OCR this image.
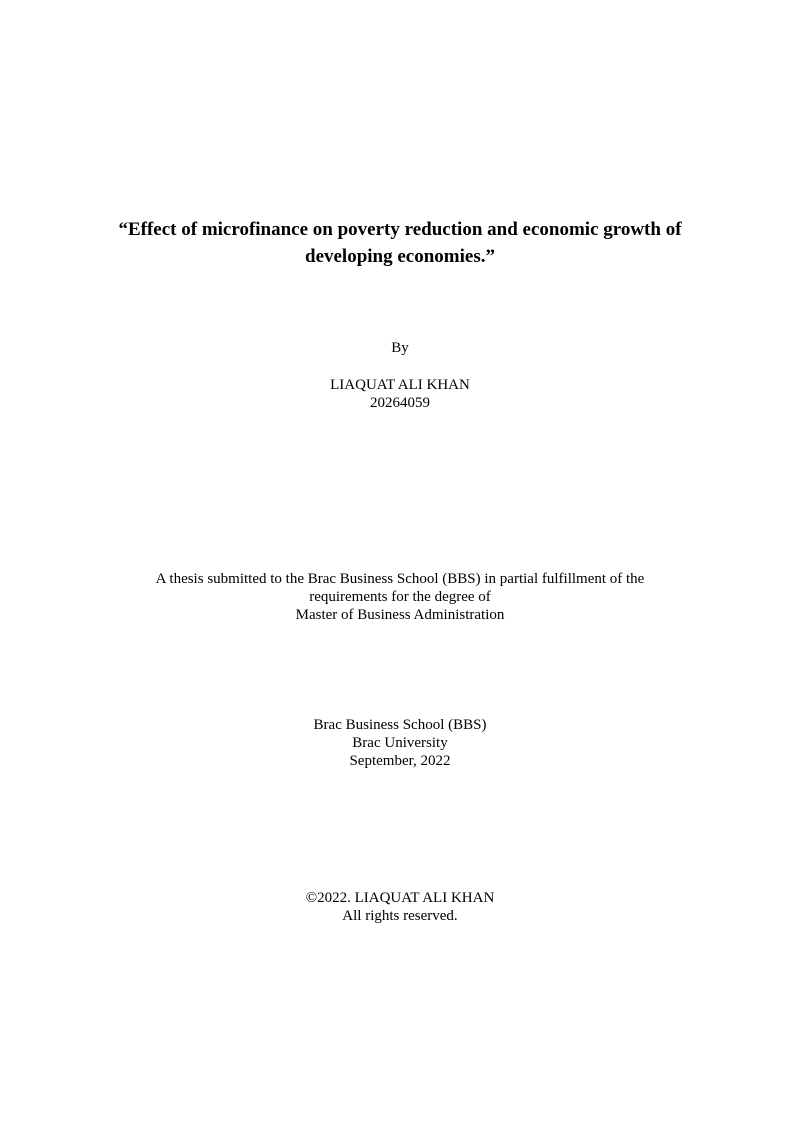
“Effect of microfinance on poverty reduction and economic growth of
developing economies.”
By
LIAQUAT ALI KHAN
20264059
A thesis submitted to the Brac Business School (BBS) in partial fulfillment of the
requirements for the degree of
Master of Business Administration
Brac Business School (BBS)
Brac University
September, 2022
©2022. LIAQUAT ALI KHAN
All rights reserved.
